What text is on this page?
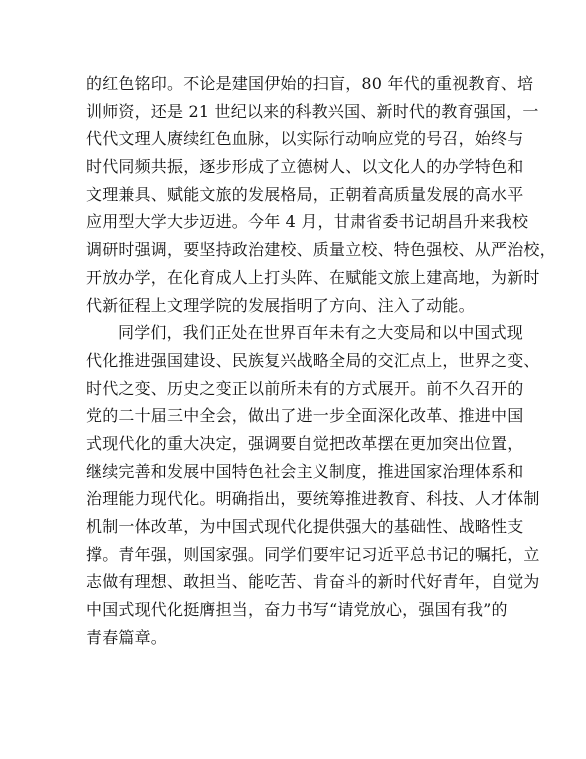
的红色铭印。不论是建国伊始的扫盲，80 年代的重视教育、培
训师资，还是 21 世纪以来的科教兴国、新时代的教育强国，一
代代文理人赓续红色血脉，以实际行动响应党的号召，始终与
时代同频共振，逐步形成了立德树人、以文化人的办学特色和
文理兼具、赋能文旅的发展格局，正朝着高质量发展的高水平
应用型大学大步迈进。今年 4 月，甘肃省委书记胡昌升来我校
调研时强调，要坚持政治建校、质量立校、特色强校、从严治校，
开放办学，在化育成人上打头阵、在赋能文旅上建高地，为新时
代新征程上文理学院的发展指明了方向、注入了动能。
同学们，我们正处在世界百年未有之大变局和以中国式现
代化推进强国建设、民族复兴战略全局的交汇点上，世界之变、
时代之变、历史之变正以前所未有的方式展开。前不久召开的
党的二十届三中全会，做出了进一步全面深化改革、推进中国
式现代化的重大决定，强调要自觉把改革摆在更加突出位置，
继续完善和发展中国特色社会主义制度，推进国家治理体系和
治理能力现代化。明确指出，要统筹推进教育、科技、人才体制
机制一体改革，为中国式现代化提供强大的基础性、战略性支
撑。青年强，则国家强。同学们要牢记习近平总书记的嘱托，立
志做有理想、敢担当、能吃苦、肯奋斗的新时代好青年，自觉为
中国式现代化挺膺担当，奋力书写“请党放心，强国有我”的
青春篇章。
